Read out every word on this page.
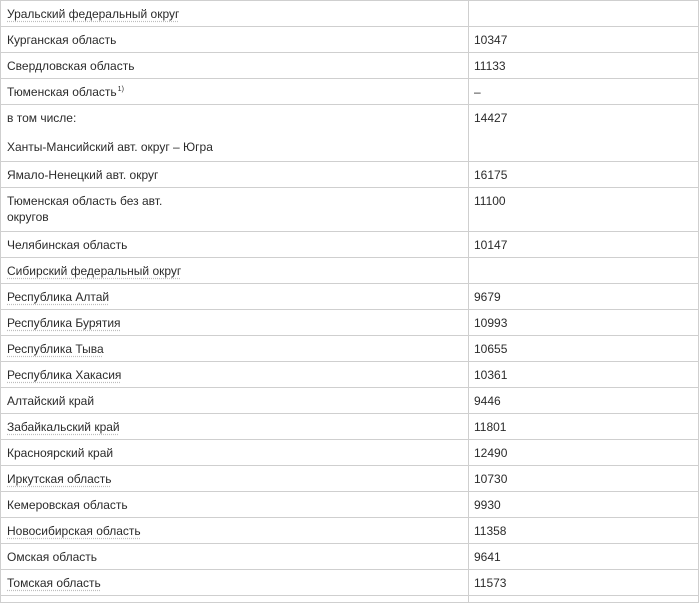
Уральский федеральный округ	

Курганская область	10347

Свердловская область	11133

Тюменская область$^{1)}$	–

в том числе:
Ханты-Мансийский авт. округ – Югра	14427

Ямало-Ненецкий авт. округ	16175

Тюменская область без авт. округов	11100

Челябинская область	10147

Сибирский федеральный округ	

Республика Алтай	9679

Республика Бурятия	10993

Республика Тыва	10655

Республика Хакасия	10361

Алтайский край	9446

Забайкальский край	11801

Красноярский край	12490

Иркутская область	10730

Кемеровская область	9930

Новосибирская область	11358

Омская область	9641

Томская область	11573
